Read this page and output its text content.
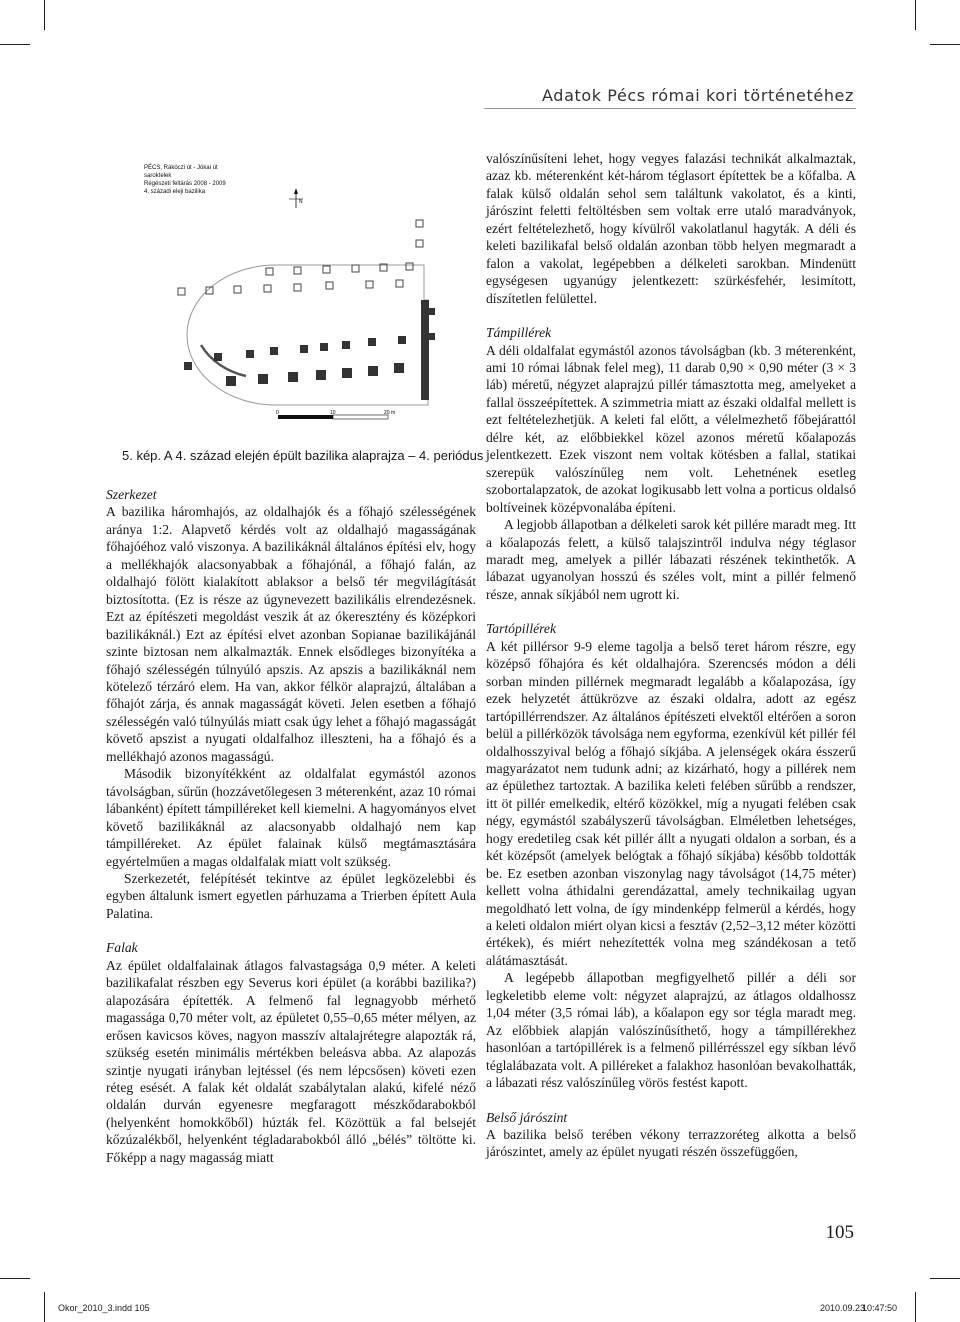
Adatok Pécs római kori történetéhez
PÉCS, Rákóczi út - Jókai út
saroktelek
Régészeti feltárás 2008 - 2009
4. századi eleji bazilika
N
0	10	20 m
5. kép. A 4. század elején épült bazilika alaprajza – 4. periódus
Szerkezet

A bazilika háromhajós, az oldalhajók és a főhajó szélességének aránya 1:2. Alapvető kérdés volt az oldalhajó magasságának főhajóéhoz való viszonya. A bazilikáknál általános építési elv, hogy a mellékhajók alacsonyabbak a főhajónál, a főhajó falán, az oldalhajó fölött kialakított ablaksor a belső tér megvilágítását biztosította. (Ez is része az úgynevezett bazilikális elrendezésnek. Ezt az építészeti megoldást veszik át az ókeresztény és középkori bazilikáknál.) Ezt az építési elvet azonban Sopianae bazilikájánál szinte biztosan nem alkalmazták. Ennek elsődleges bizonyítéka a főhajó szélességén túlnyúló apszis. Az apszis a bazilikáknál nem kötelező térzáró elem. Ha van, akkor félkör alaprajzú, általában a főhajót zárja, és annak magasságát követi. Jelen esetben a főhajó szélességén való túlnyúlás miatt csak úgy lehet a főhajó magasságát követő apszist a nyugati oldalfalhoz illeszteni, ha a főhajó és a mellékhajó azonos magasságú.

Második bizonyítékként az oldalfalat egymástól azonos távolságban, sűrűn (hozzávetőlegesen 3 méterenként, azaz 10 római lábanként) épített támpilléreket kell kiemelni. A hagyományos elvet követő bazilikáknál az alacsonyabb oldalhajó nem kap támpilléreket. Az épület falainak külső megtámasztására egyértelműen a magas oldalfalak miatt volt szükség.

Szerkezetét, felépítését tekintve az épület legközelebbi és egyben általunk ismert egyetlen párhuzama a Trierben épített Aula Palatina.

Falak

Az épület oldalfalainak átlagos falvastagsága 0,9 méter. A keleti bazilikafalat részben egy Severus kori épület (a korábbi bazilika?) alapozására építették. A felmenő fal legnagyobb mérhető magassága 0,70 méter volt, az épületet 0,55–0,65 méter mélyen, az erősen kavicsos köves, nagyon masszív altalajrétegre alapozták rá, szükség esetén minimális mértékben beleásva abba. Az alapozás szintje nyugati irányban lejtéssel (és nem lépcsősen) követi ezen réteg esését. A falak két oldalát szabálytalan alakú, kifelé néző oldalán durván egyenesre megfaragott mészkődarabokból (helyenként homokkőből) húzták fel. Közöttük a fal belsejét kőzúzalékből, helyenként tégladarabokból álló „bélés” töltötte ki. Főképp a nagy magasság miatt

valószínűsíteni lehet, hogy vegyes falazási technikát alkalmaztak, azaz kb. méterenként két-három téglasort építettek be a kőfalba. A falak külső oldalán sehol sem találtunk vakolatot, és a kinti, járószint feletti feltöltésben sem voltak erre utaló maradványok, ezért feltételezhető, hogy kívülről vakolatlanul hagyták. A déli és keleti bazilikafal belső oldalán azonban több helyen megmaradt a falon a vakolat, legépebben a délkeleti sarokban. Mindenütt egységesen ugyanúgy jelentkezett: szürkésfehér, lesimított, díszítetlen felülettel.

Támpillérek

A déli oldalfalat egymástól azonos távolságban (kb. 3 méterenként, ami 10 római lábnak felel meg), 11 darab 0,90 × 0,90 méter (3 × 3 láb) méretű, négyzet alaprajzú pillér támasztotta meg, amelyeket a fallal összeépítettek. A szimmetria miatt az északi oldalfal mellett is ezt feltételezhetjük. A keleti fal előtt, a vélelmezhető főbejárattól délre két, az előbbiekkel közel azonos méretű kőalapozás jelentkezett. Ezek viszont nem voltak kötésben a fallal, statikai szerepük valószínűleg nem volt. Lehetnének esetleg szobortalapzatok, de azokat logikusabb lett volna a porticus oldalsó boltíveinek középvonalába építeni.

A legjobb állapotban a délkeleti sarok két pillére maradt meg. Itt a kőalapozás felett, a külső talajszintről indulva négy téglasor maradt meg, amelyek a pillér lábazati részének tekinthetők. A lábazat ugyanolyan hosszú és széles volt, mint a pillér felmenő része, annak síkjából nem ugrott ki.

Tartópillérek

A két pillérsor 9-9 eleme tagolja a belső teret három részre, egy középső főhajóra és két oldalhajóra. Szerencsés módon a déli sorban minden pillérnek megmaradt legalább a kőalapozása, így ezek helyzetét áttükrözve az északi oldalra, adott az egész tartópillérrendszer. Az általános építészeti elvektől eltérően a soron belül a pillérközök távolsága nem egyforma, ezenkívül két pillér fél oldalhosszyival belóg a főhajó síkjába. A jelenségek okára ésszerű magyarázatot nem tudunk adni; az kizárható, hogy a pillérek nem az épülethez tartoztak. A bazilika keleti felében sűrűbb a rendszer, itt öt pillér emelkedik, eltérő közökkel, míg a nyugati felében csak négy, egymástól szabályszerű távolságban. Elméletben lehetséges, hogy eredetileg csak két pillér állt a nyugati oldalon a sorban, és a két középsőt (amelyek belógtak a főhajó síkjába) később toldották be. Ez esetben azonban viszonylag nagy távolságot (14,75 méter) kellett volna áthidalni gerendázattal, amely technikailag ugyan megoldható lett volna, de így mindenképp felmerül a kérdés, hogy a keleti oldalon miért olyan kicsi a fesztáv (2,52–3,12 méter közötti értékek), és miért nehezítették volna meg szándékosan a tető alátámasztását.

A legépebb állapotban megfigyelhető pillér a déli sor legkeletibb eleme volt: négyzet alaprajzú, az átlagos oldalhossz 1,04 méter (3,5 római láb), a kőalapon egy sor tégla maradt meg. Az előbbiek alapján valószínűsíthető, hogy a támpillérekhez hasonlóan a tartópillérek is a felmenő pillérrésszel egy síkban lévő téglalábazata volt. A pilléreket a falakhoz hasonlóan bevakolhatták, a lábazati rész valószínűleg vörös festést kapott.

Belső járószint

A bazilika belső terében vékony terrazzoréteg alkotta a belső járószintet, amely az épület nyugati részén összefüggően,

105
Okor_2010_3.indd 105	2010.09.23.
10:47:50
